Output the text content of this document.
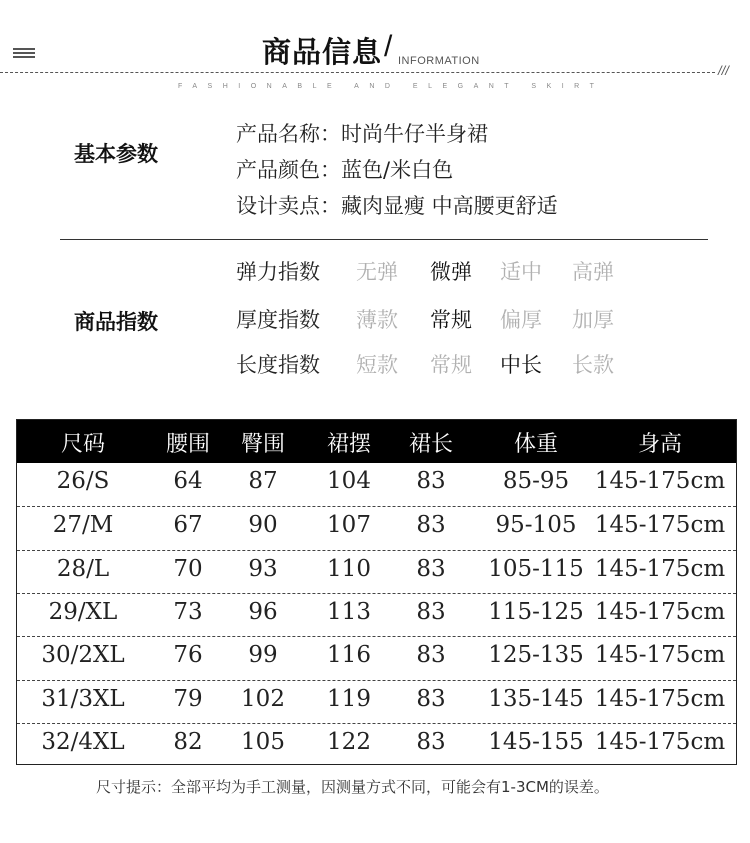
商品信息 / INFORMATION
///
FASHIONABLE AND ELEGANT SKIRT
基本参数
产品名称：时尚牛仔半身裙
产品颜色：蓝色/米白色
设计卖点：藏肉显瘦 中高腰更舒适
商品指数
弹力指数 无弹 微弹 适中 高弹
厚度指数 薄款 常规 偏厚 加厚
长度指数 短款 常规 中长 长款
尺码	腰围 臀围 裙摆 裙长	体重	身高
26/S	64 87 104 83 85-95 145-175cm
27/M	67 90 107 83 95-105 145-175cm
28/L	70 93 110 83 105-115 145-175cm
29/XL 73 96 113 83 115-125 145-175cm
30/2XL 76 99 116 83 125-135 145-175cm
31/3XL 79 102 119 83 135-145 145-175cm
32/4XL 82 105 122 83 145-155 145-175cm
尺寸提示：全部平均为手工测量，因测量方式不同，可能会有1-3CM的误差。
